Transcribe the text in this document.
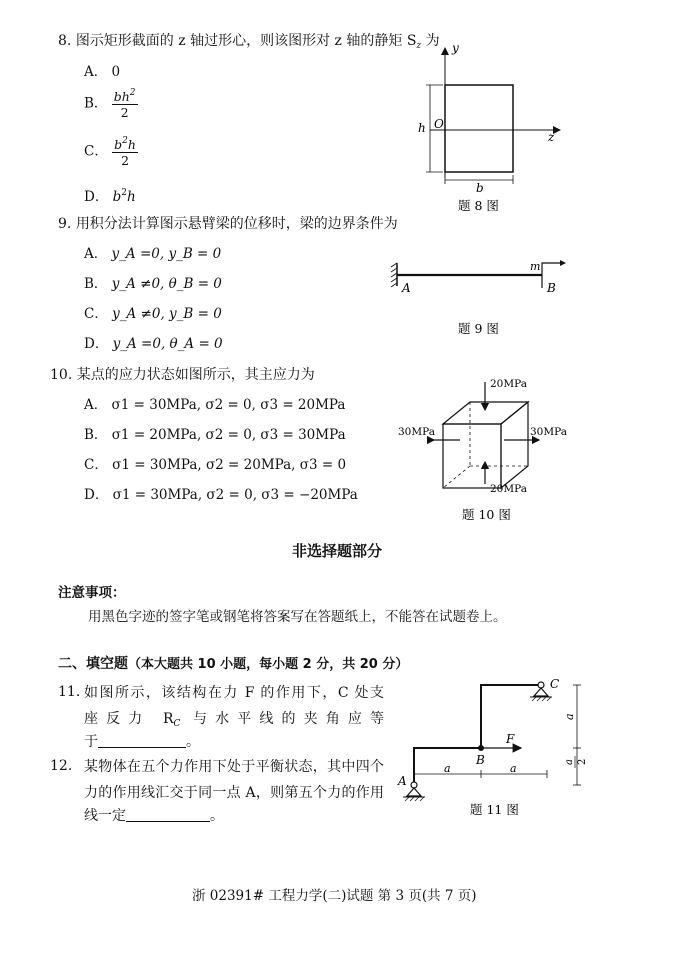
8. 图示矩形截面的 z 轴过形心，则该图形对 z 轴的静矩 $S_z$ 为
A． 0
B． $\frac{bh^2}{2}$
C． $\frac{b^2h}{2}$
D． $b^2h$
y
z
O
h
b
题 8 图
9. 用积分法计算图示悬臂梁的位移时，梁的边界条件为
A． y_A =0, y_B = 0
B． y_A ≠0, θ_B = 0
C． y_A ≠0, y_B = 0
D． y_A =0, θ_A = 0
A	B
m
题 9 图
10. 某点的应力状态如图所示，其主应力为
A． σ1 = 30MPa, σ2 = 0, σ3 = 20MPa
B． σ1 = 20MPa, σ2 = 0, σ3 = 30MPa
C． σ1 = 30MPa, σ2 = 20MPa, σ3 = 0
D． σ1 = 30MPa, σ2 = 0, σ3 = −20MPa
20MPa
20MPa
30MPa	30MPa
题 10 图
非选择题部分
注意事项：
用黑色字迹的签字笔或钢笔将答案写在答题纸上，不能答在试题卷上。
二、填空题（本大题共 10 小题，每小题 2 分，共 20 分）
11. 如图所示，该结构在力 F 的作用下，C 处支
座反力 $R_C$ 与水平线的夹角应等
于	。
12. 某物体在五个力作用下处于平衡状态，其中四个
力的作用线汇交于同一点 A，则第五个力的作用
线一定	。
A
B
C
F
a	a
a
a 2
题 11 图
浙 02391# 工程力学(二)试题 第 3 页(共 7 页)
